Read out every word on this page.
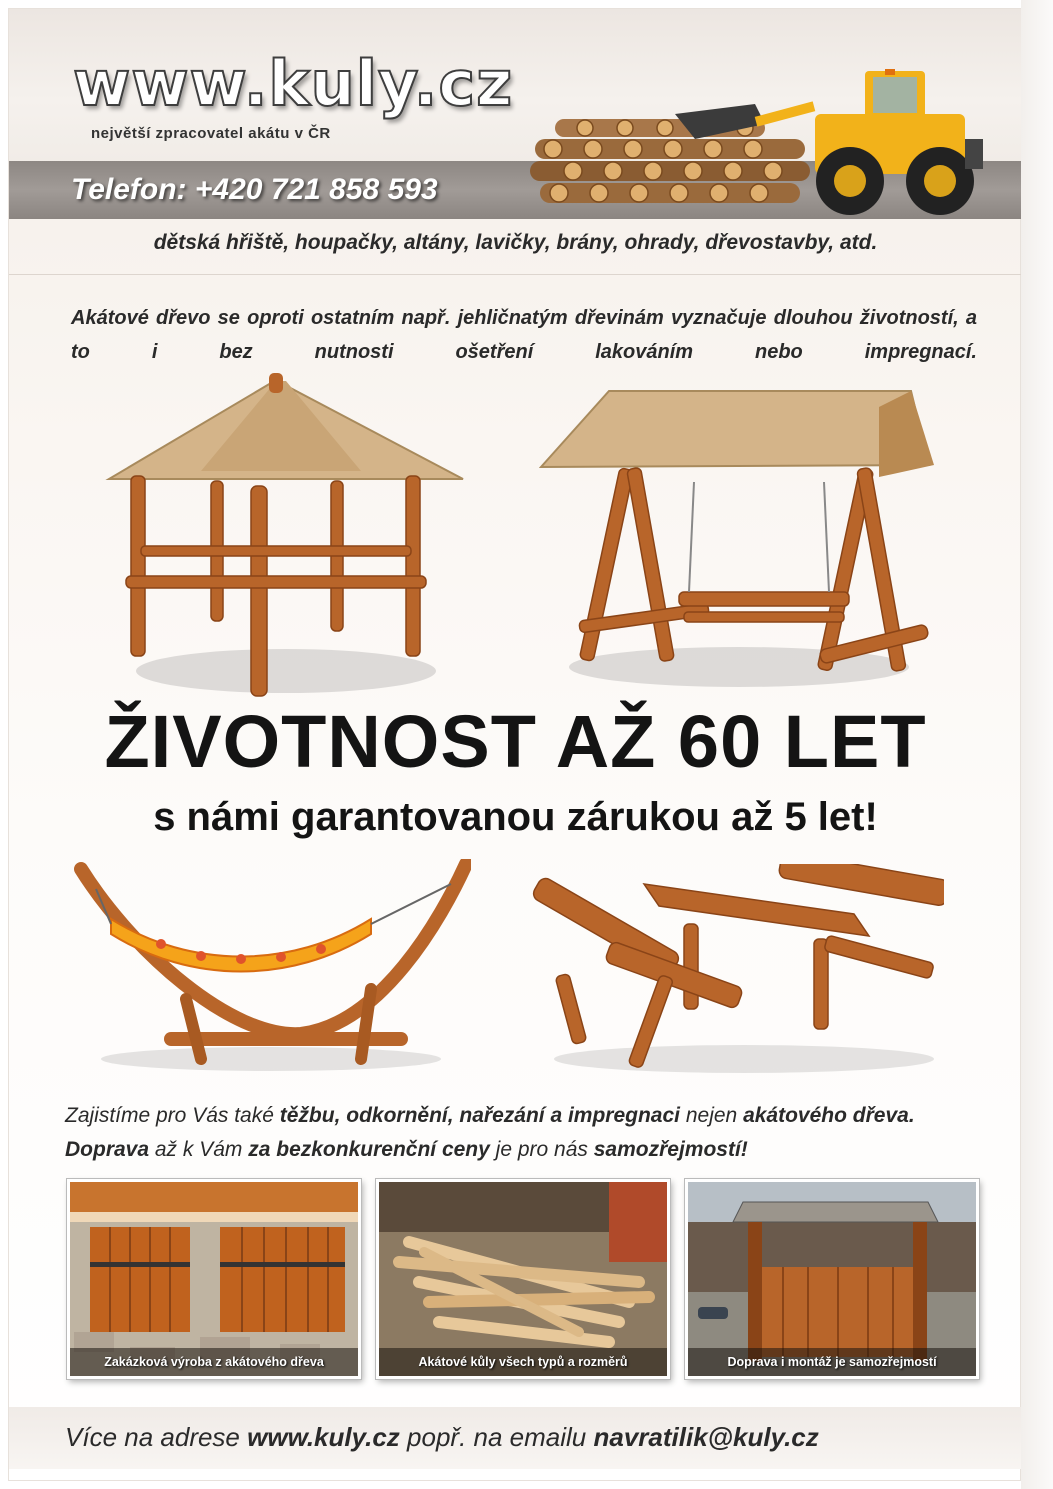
www.kuly.cz
největší zpracovatel akátu v ČR
Telefon: +420 721 858 593
dětská hřiště, houpačky, altány, lavičky, brány, ohrady, dřevostavby, atd.
Akátové dřevo se oproti ostatním např. jehličnatým dřevinám vyznačuje dlouhou životností, a to i bez nutnosti ošetření lakováním nebo impregnací.
ŽIVOTNOST AŽ 60 LET
s námi garantovanou zárukou až 5 let!
Zajistíme pro Vás také těžbu, odkornění, nařezání a impregnaci nejen akátového dřeva. Doprava až k Vám za bezkonkurenční ceny je pro nás samozřejmostí!
Zakázková výroba z akátového dřeva	Akátové kůly všech typů a rozměrů	Doprava i montáž je samozřejmostí
Více na adrese www.kuly.cz popř. na emailu navratilik@kuly.cz
